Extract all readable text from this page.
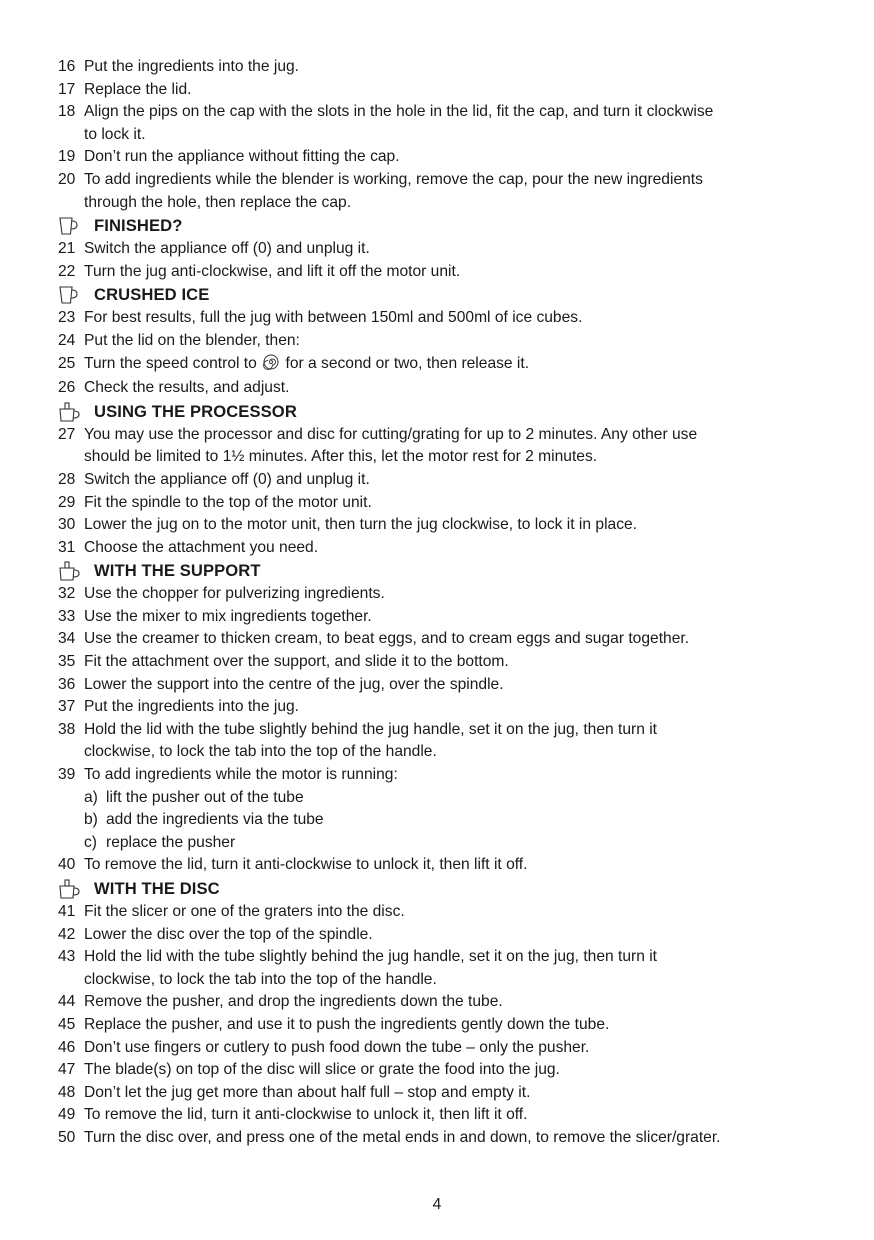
16 Put the ingredients into the jug.
17 Replace the lid.
18 Align the pips on the cap with the slots in the hole in the lid, fit the cap, and turn it clockwise
to lock it.
19 Don’t run the appliance without fitting the cap.
20 To add ingredients while the blender is working, remove the cap, pour the new ingredients
through the hole, then replace the cap.
FINISHED?
21 Switch the appliance off (0) and unplug it.
22 Turn the jug anti-clockwise, and lift it off the motor unit.
CRUSHED ICE
23 For best results, full the jug with between 150ml and 500ml of ice cubes.
24 Put the lid on the blender, then:
25 Turn the speed control to for a second or two, then release it.
26 Check the results, and adjust.
USING THE PROCESSOR
27 You may use the processor and disc for cutting/grating for up to 2 minutes. Any other use
should be limited to 1½ minutes. After this, let the motor rest for 2 minutes.
28 Switch the appliance off (0) and unplug it.
29 Fit the spindle to the top of the motor unit.
30 Lower the jug on to the motor unit, then turn the jug clockwise, to lock it in place.
31 Choose the attachment you need.
WITH THE SUPPORT
32 Use the chopper for pulverizing ingredients.
33 Use the mixer to mix ingredients together.
34 Use the creamer to thicken cream, to beat eggs, and to cream eggs and sugar together.
35 Fit the attachment over the support, and slide it to the bottom.
36 Lower the support into the centre of the jug, over the spindle.
37 Put the ingredients into the jug.
38 Hold the lid with the tube slightly behind the jug handle, set it on the jug, then turn it
clockwise, to lock the tab into the top of the handle.
39 To add ingredients while the motor is running:
a) lift the pusher out of the tube
b) add the ingredients via the tube
c) replace the pusher
40 To remove the lid, turn it anti-clockwise to unlock it, then lift it off.
WITH THE DISC
41 Fit the slicer or one of the graters into the disc.
42 Lower the disc over the top of the spindle.
43 Hold the lid with the tube slightly behind the jug handle, set it on the jug, then turn it
clockwise, to lock the tab into the top of the handle.
44 Remove the pusher, and drop the ingredients down the tube.
45 Replace the pusher, and use it to push the ingredients gently down the tube.
46 Don’t use fingers or cutlery to push food down the tube – only the pusher.
47 The blade(s) on top of the disc will slice or grate the food into the jug.
48 Don’t let the jug get more than about half full – stop and empty it.
49 To remove the lid, turn it anti-clockwise to unlock it, then lift it off.
50 Turn the disc over, and press one of the metal ends in and down, to remove the slicer/grater.
4
